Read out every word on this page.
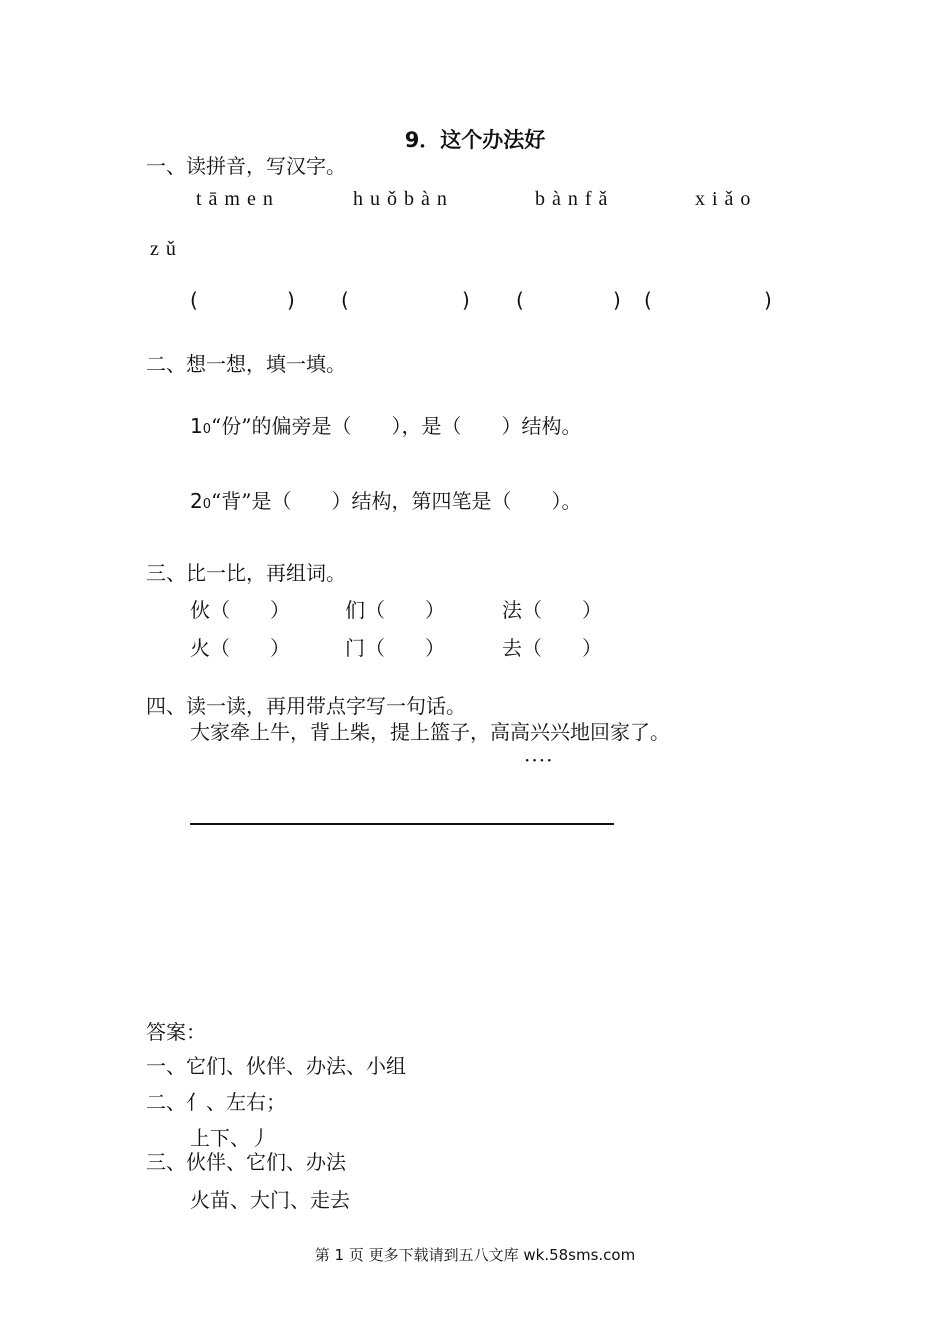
9．这个办法好
一、读拼音，写汉字。
tāmen	huǒbàn	bànfǎ	xiǎo
zǔ
(	) (	) (	) (	)
二、想一想，填一填。
10“份”的偏旁是（　　），是（　　）结构。
20“背”是（　　）结构，第四笔是（　　）。
三、比一比，再组词。
伙（　　）	们（　　）	法（　　）
火（　　）	门（　　）	去（　　）
四、读一读，再用带点字写一句话。
大家牵上牛，背上柴，提上篮子，高高兴兴地回家了。
····
答案：
一、它们、伙伴、办法、小组
二、亻、左右；
上下、丿
三、伙伴、它们、办法
火苗、大门、走去
第 1 页 更多下载请到五八文库 wk.58sms.com
